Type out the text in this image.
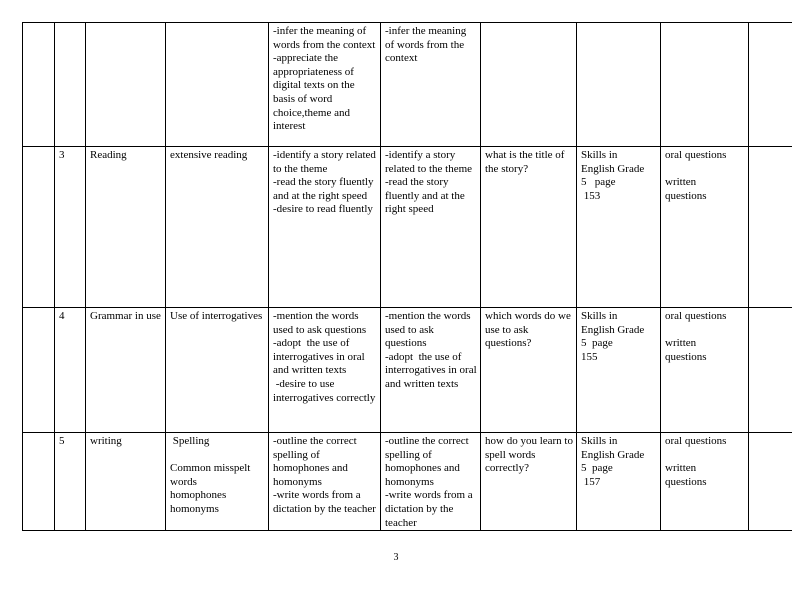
				-infer the meaning of words from the context
-appreciate the appropriateness of digital texts on the basis of word choice,theme and interest	-infer the meaning of words from the context				

	3	Reading	extensive reading	-identify a story related to the theme
-read the story fluently and at the right speed
-desire to read fluently	-identify a story related to the theme
-read the story fluently and at the right speed	what is the title of the story?	Skills in
English Grade
5   page
153	oral questions
written
questions	

	4	Grammar in use	Use of interrogatives	-mention the words used to ask questions
-adopt  the use of interrogatives in oral and written texts
-desire to use interrogatives correctly	-mention the words used to ask questions
-adopt  the use of interrogatives in oral and written texts	which words do we use to ask questions?	Skills in
English Grade
5  page
155	oral questions
written
questions	

	5	writing	Spelling
Common misspelt words
homophones
homonyms	-outline the correct spelling of homophones and homonyms
-write words from a dictation by the teacher	-outline the correct spelling of homophones and homonyms
-write words from a dictation by the teacher	how do you learn to spell words correctly?	Skills in
English Grade
5  page
157	oral questions
written
questions	

3
